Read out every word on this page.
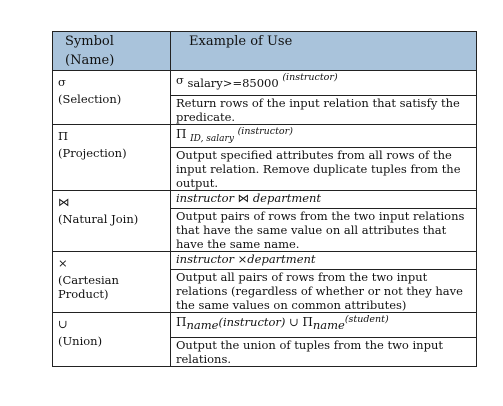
Symbol (Name)	Example of Use

σ
(Selection)	σ salary>=85000 $^{(instructor)}$
	Return rows of the input relation that satisfy the predicate.

Π
(Projection)	Π $_{ID, salary}$ $^{(instructor)}$
	Output specified attributes from all rows of the input relation. Remove duplicate tuples from the output.

⋈
(Natural Join)	instructor ⋈ department
	Output pairs of rows from the two input relations that have the same value on all attributes that have the same name.

×
(Cartesian Product)	instructor ×department
	Output all pairs of rows from the two input relations (regardless of whether or not they have the same values on common attributes)

∪
(Union)	Πname(instructor) ∪ Πname$^{(student)}$
	Output the union of tuples from the two input relations.
